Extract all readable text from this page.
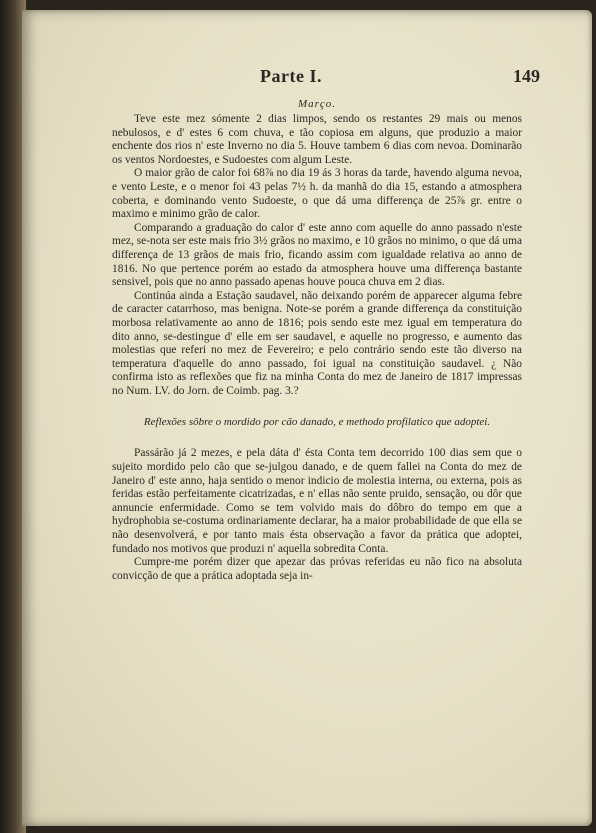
Parte I.	149
Março.

Teve este mez sómente 2 dias limpos, sendo os restantes 29 mais ou menos nebulosos, e d' estes 6 com chuva, e tão copiosa em alguns, que produzio a maior enchente dos rios n' este Inverno no dia 5. Houve tambem 6 dias com nevoa. Dominarão os ventos Nordoestes, e Sudoestes com algum Leste.

O maior grão de calor foi 68⅞ no dia 19 ás 3 horas da tarde, havendo alguma nevoa, e vento Leste, e o menor foi 43 pelas 7½ h. da manhã do dia 15, estando a atmosphera coberta, e dominando vento Sudoeste, o que dá uma differença de 25⅞ gr. entre o maximo e minimo grão de calor.

Comparando a graduação do calor d' este anno com aquelle do anno passado n'este mez, se-nota ser este mais frio 3½ grãos no maximo, e 10 grãos no minimo, o que dá uma differença de 13 grãos de mais frio, ficando assim com igualdade relativa ao anno de 1816. No que pertence porém ao estado da atmosphera houve uma differença bastante sensivel, pois que no anno passado apenas houve pouca chuva em 2 dias.

Continúa ainda a Estação saudavel, não deixando porém de apparecer alguma febre de caracter catarrhoso, mas benigna. Note-se porém a grande differença da constituição morbosa relativamente ao anno de 1816; pois sendo este mez igual em temperatura do dito anno, se-destingue d' elle em ser saudavel, e aquelle no progresso, e aumento das molestias que referi no mez de Fevereiro; e pelo contrário sendo este tão diverso na temperatura d'aquelle do anno passado, foi igual na constituição saudavel. ¿ Não confirma isto as reflexões que fiz na minha Conta do mez de Janeiro de 1817 impressas no Num. LV. do Jorn. de Coimb. pag. 3.?

Reflexões sôbre o mordido por cão danado, e methodo profilatico que adoptei.

Passárão já 2 mezes, e pela dáta d' ésta Conta tem decorrido 100 dias sem que o sujeito mordido pelo cão que se-julgou danado, e de quem fallei na Conta do mez de Janeiro d' este anno, haja sentido o menor indicio de molestia interna, ou externa, pois as feridas estão perfeitamente cicatrizadas, e n' ellas não sente pruido, sensação, ou dôr que annuncie enfermidade. Como se tem volvido mais do dôbro do tempo em que a hydrophobia se-costuma ordinariamente declarar, ha a maior probabilidade de que ella se não desenvolverá, e por tanto mais ésta observação a favor da prática que adoptei, fundado nos motivos que produzi n' aquella sobredita Conta.

Cumpre-me porém dizer que apezar das próvas referidas eu não fico na absoluta convicção de que a prática adoptada seja in-
